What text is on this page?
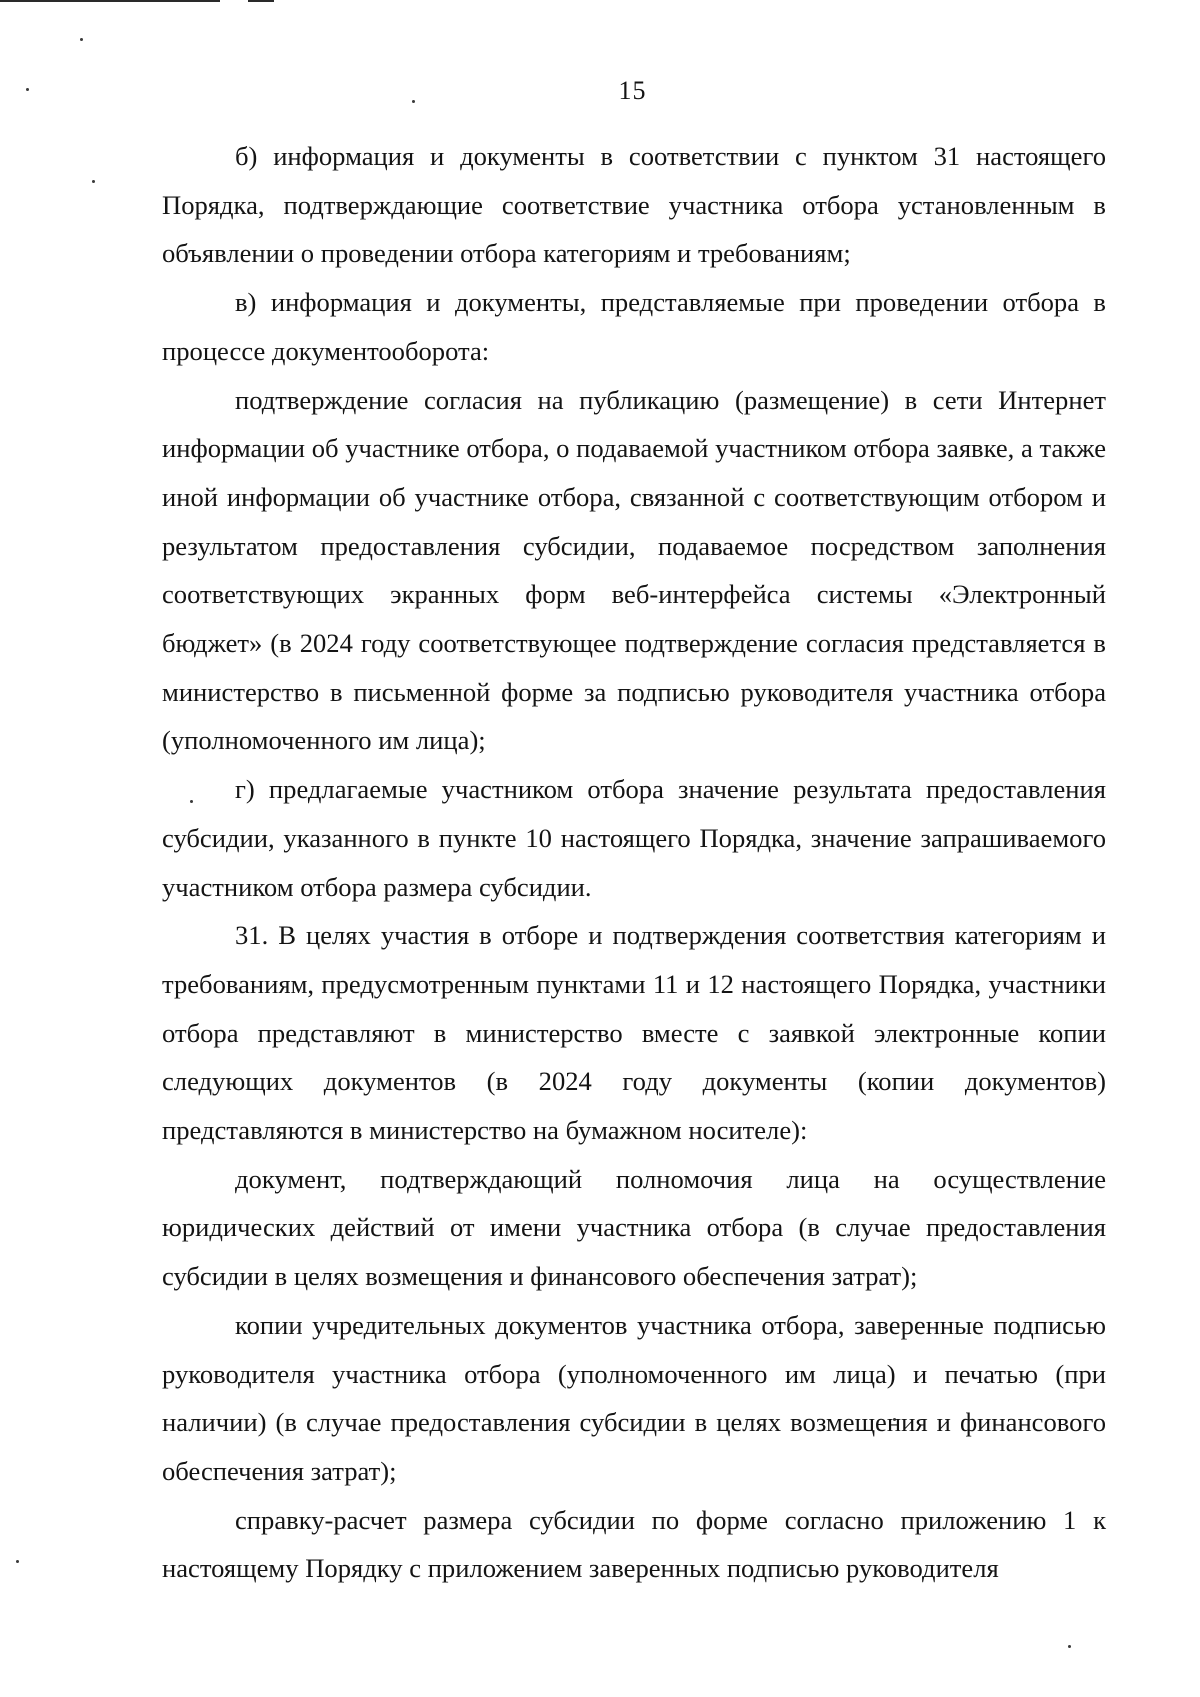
15

б) информация и документы в соответствии с пунктом 31 настоящего Порядка, подтверждающие соответствие участника отбора установленным в объявлении о проведении отбора категориям и требованиям;

в) информация и документы, представляемые при проведении отбора в процессе документооборота:

подтверждение согласия на публикацию (размещение) в сети Интернет информации об участнике отбора, о подаваемой участником отбора заявке, а также иной информации об участнике отбора, связанной с соответствующим отбором и результатом предоставления субсидии, подаваемое посредством заполнения соответствующих экранных форм веб-интерфейса системы «Электронный бюджет» (в 2024 году соответствующее подтверждение согласия представляется в министерство в письменной форме за подписью руководителя участника отбора (уполномоченного им лица);

г) предлагаемые участником отбора значение результата предоставления субсидии, указанного в пункте 10 настоящего Порядка, значение запрашиваемого участником отбора размера субсидии.

31. В целях участия в отборе и подтверждения соответствия категориям и требованиям, предусмотренным пунктами 11 и 12 настоящего Порядка, участники отбора представляют в министерство вместе с заявкой электронные копии следующих документов (в 2024 году документы (копии документов) представляются в министерство на бумажном носителе):

документ, подтверждающий полномочия лица на осуществление юридических действий от имени участника отбора (в случае предоставления субсидии в целях возмещения и финансового обеспечения затрат);

копии учредительных документов участника отбора, заверенные подписью руководителя участника отбора (уполномоченного им лица) и печатью (при наличии) (в случае предоставления субсидии в целях возмещения и финансового обеспечения затрат);

справку-расчет размера субсидии по форме согласно приложению 1 к настоящему Порядку с приложением заверенных подписью руководителя
